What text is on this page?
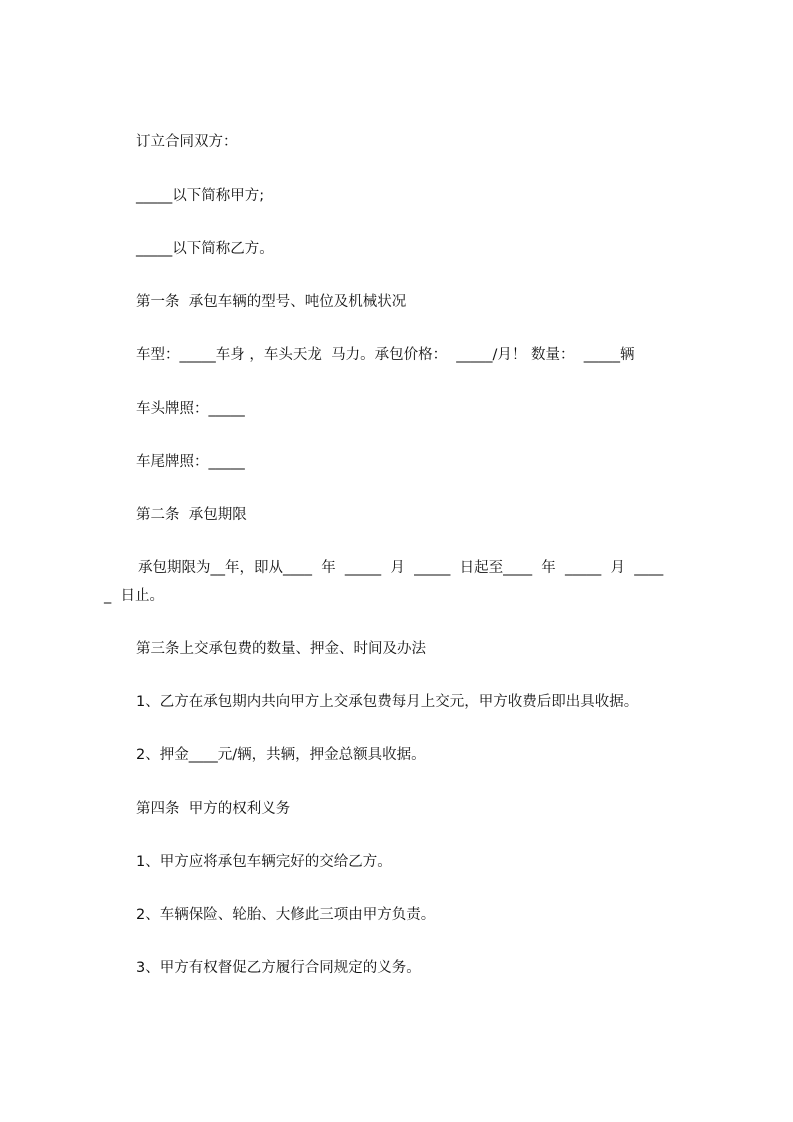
订立合同双方：
_____以下简称甲方;
_____以下简称乙方。
第一条  承包车辆的型号、吨位及机械状况
车型：_____车身 ，车头天龙  马力。承包价格：  _____/月！ 数量：  _____辆
车头牌照：_____
车尾牌照：_____
第二条  承包期限
承包期限为__年，即从____  年  _____  月  _____  日起至____  年  _____  月  ____
_  日止。
第三条上交承包费的数量、押金、时间及办法
1、乙方在承包期内共向甲方上交承包费每月上交元，甲方收费后即出具收据。
2、押金____元/辆，共辆，押金总额具收据。
第四条  甲方的权利义务
1、甲方应将承包车辆完好的交给乙方。
2、车辆保险、轮胎、大修此三项由甲方负责。
3、甲方有权督促乙方履行合同规定的义务。
